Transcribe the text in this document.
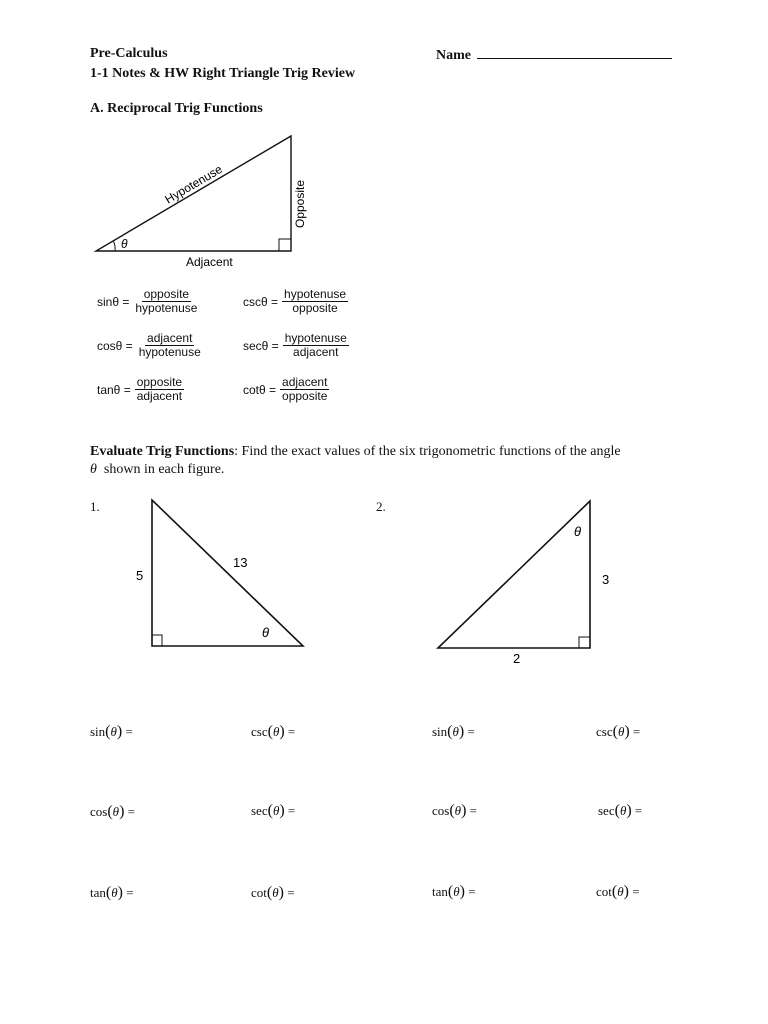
Pre-Calculus	Name
1-1 Notes & HW Right Triangle Trig Review
A. Reciprocal Trig Functions
θ
Hypotenuse	Opposite
Adjacent
$\sin\theta = \frac{\text{opposite}}{\text{hypotenuse}}$	$\csc\theta = \frac{\text{hypotenuse}}{\text{opposite}}$
$\cos\theta = \frac{\text{adjacent}}{\text{hypotenuse}}$	$\sec\theta = \frac{\text{hypotenuse}}{\text{adjacent}}$
$\tan\theta = \frac{\text{opposite}}{\text{adjacent}}$	$\cot\theta = \frac{\text{adjacent}}{\text{opposite}}$
Evaluate Trig Functions: Find the exact values of the six trigonometric functions of the angle
θ shown in each figure.
1.
5
13
θ
2.
θ
3
2
sin(θ) =	csc(θ) =
cos(θ) =	sec(θ) =
tan(θ) =	cot(θ) =
sin(θ) =	csc(θ) =
cos(θ) =	sec(θ) =
tan(θ) =	cot(θ) =
